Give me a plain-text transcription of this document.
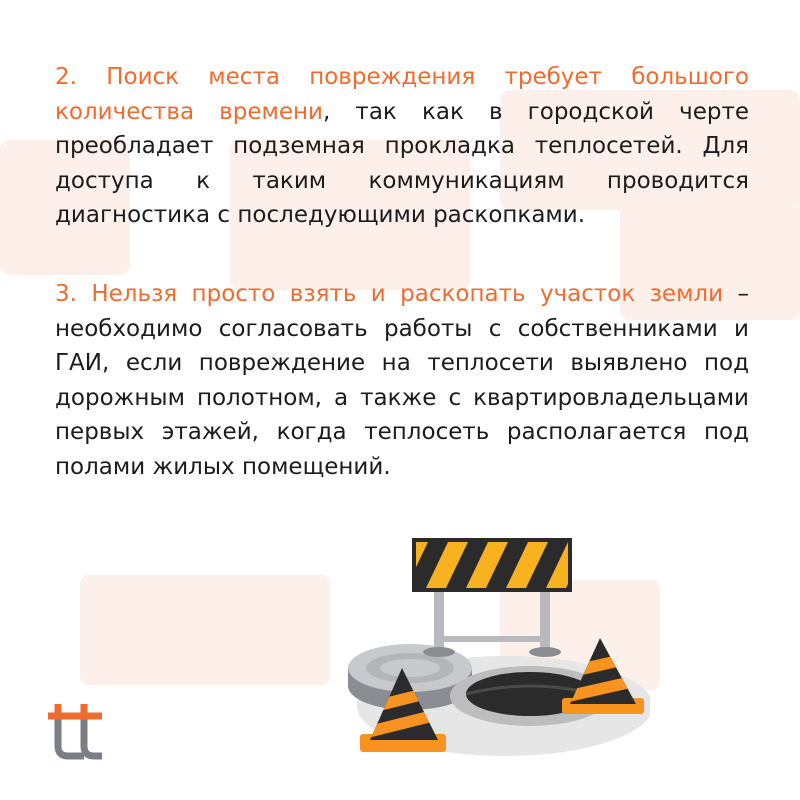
2. Поиск места повреждения требует большого количества времени, так как в городской черте преобладает подземная прокладка теплосетей. Для доступа к таким коммуникациям проводится диагностика с последующими раскопками.

3. Нельзя просто взять и раскопать участок земли – необходимо согласовать работы с собственниками и ГАИ, если повреждение на теплосети выявлено под дорожным полотном, а также с квартировладельцами первых этажей, когда теплосеть располагается под полами жилых помещений.
